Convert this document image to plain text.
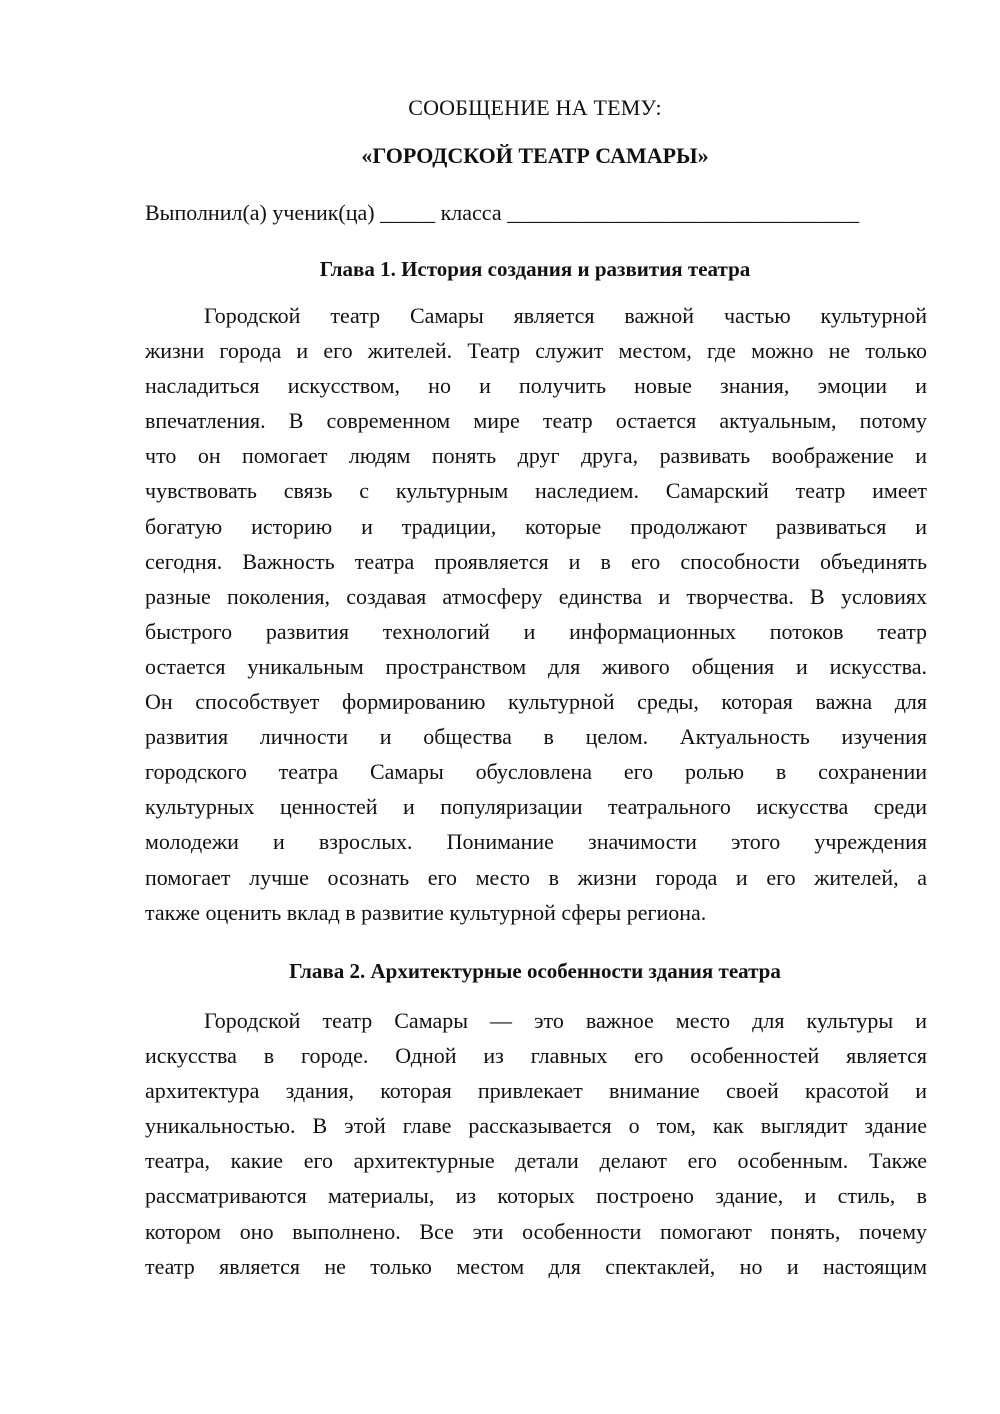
СООБЩЕНИЕ НА ТЕМУ:
«ГОРОДСКОЙ ТЕАТР САМАРЫ»
Выполнил(а) ученик(ца) _____ класса ________________________________
Глава 1. История создания и развития театра
Городской театр Самары является важной частью культурной
жизни города и его жителей. Театр служит местом, где можно не только
насладиться искусством, но и получить новые знания, эмоции и
впечатления. В современном мире театр остается актуальным, потому
что он помогает людям понять друг друга, развивать воображение и
чувствовать связь с культурным наследием. Самарский театр имеет
богатую историю и традиции, которые продолжают развиваться и
сегодня. Важность театра проявляется и в его способности объединять
разные поколения, создавая атмосферу единства и творчества. В условиях
быстрого развития технологий и информационных потоков театр
остается уникальным пространством для живого общения и искусства.
Он способствует формированию культурной среды, которая важна для
развития личности и общества в целом. Актуальность изучения
городского театра Самары обусловлена его ролью в сохранении
культурных ценностей и популяризации театрального искусства среди
молодежи и взрослых. Понимание значимости этого учреждения
помогает лучше осознать его место в жизни города и его жителей, а
также оценить вклад в развитие культурной сферы региона.
Глава 2. Архитектурные особенности здания театра
Городской театр Самары — это важное место для культуры и
искусства в городе. Одной из главных его особенностей является
архитектура здания, которая привлекает внимание своей красотой и
уникальностью. В этой главе рассказывается о том, как выглядит здание
театра, какие его архитектурные детали делают его особенным. Также
рассматриваются материалы, из которых построено здание, и стиль, в
котором оно выполнено. Все эти особенности помогают понять, почему
театр является не только местом для спектаклей, но и настоящим
